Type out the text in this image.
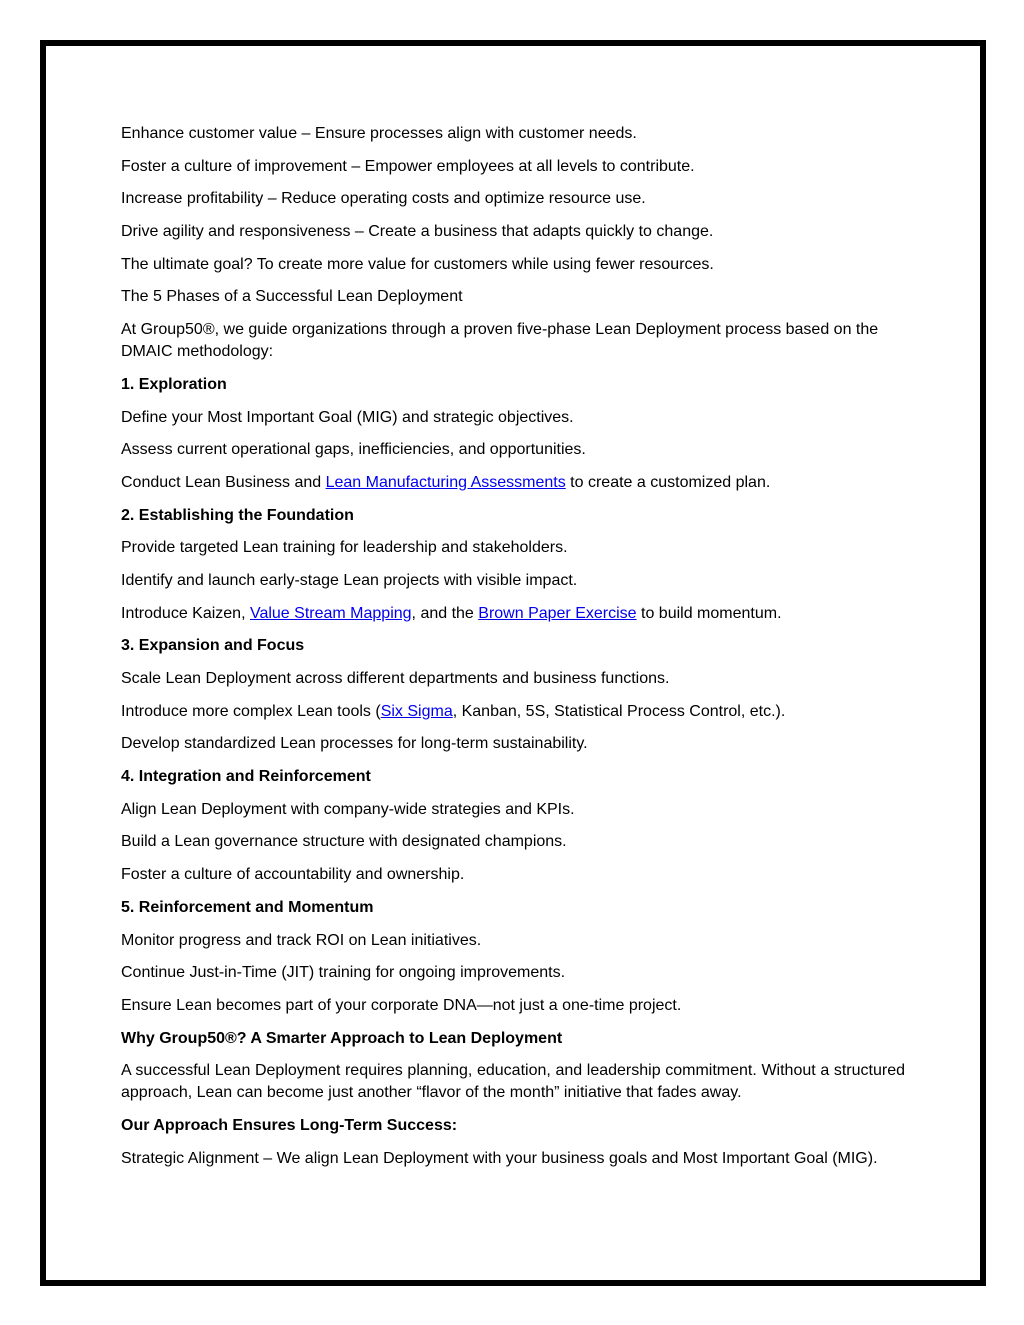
Enhance customer value – Ensure processes align with customer needs.

Foster a culture of improvement – Empower employees at all levels to contribute.

Increase profitability – Reduce operating costs and optimize resource use.

Drive agility and responsiveness – Create a business that adapts quickly to change.

The ultimate goal? To create more value for customers while using fewer resources.

The 5 Phases of a Successful Lean Deployment

At Group50®, we guide organizations through a proven five-phase Lean Deployment process based on the DMAIC methodology:

1. Exploration

Define your Most Important Goal (MIG) and strategic objectives.

Assess current operational gaps, inefficiencies, and opportunities.

Conduct Lean Business and Lean Manufacturing Assessments to create a customized plan.

2. Establishing the Foundation

Provide targeted Lean training for leadership and stakeholders.

Identify and launch early-stage Lean projects with visible impact.

Introduce Kaizen, Value Stream Mapping, and the Brown Paper Exercise to build momentum.

3. Expansion and Focus

Scale Lean Deployment across different departments and business functions.

Introduce more complex Lean tools (Six Sigma, Kanban, 5S, Statistical Process Control, etc.).

Develop standardized Lean processes for long-term sustainability.

4. Integration and Reinforcement

Align Lean Deployment with company-wide strategies and KPIs.

Build a Lean governance structure with designated champions.

Foster a culture of accountability and ownership.

5. Reinforcement and Momentum

Monitor progress and track ROI on Lean initiatives.

Continue Just-in-Time (JIT) training for ongoing improvements.

Ensure Lean becomes part of your corporate DNA—not just a one-time project.

Why Group50®? A Smarter Approach to Lean Deployment

A successful Lean Deployment requires planning, education, and leadership commitment. Without a structured approach, Lean can become just another “flavor of the month” initiative that fades away.

Our Approach Ensures Long-Term Success:

Strategic Alignment – We align Lean Deployment with your business goals and Most Important Goal (MIG).
